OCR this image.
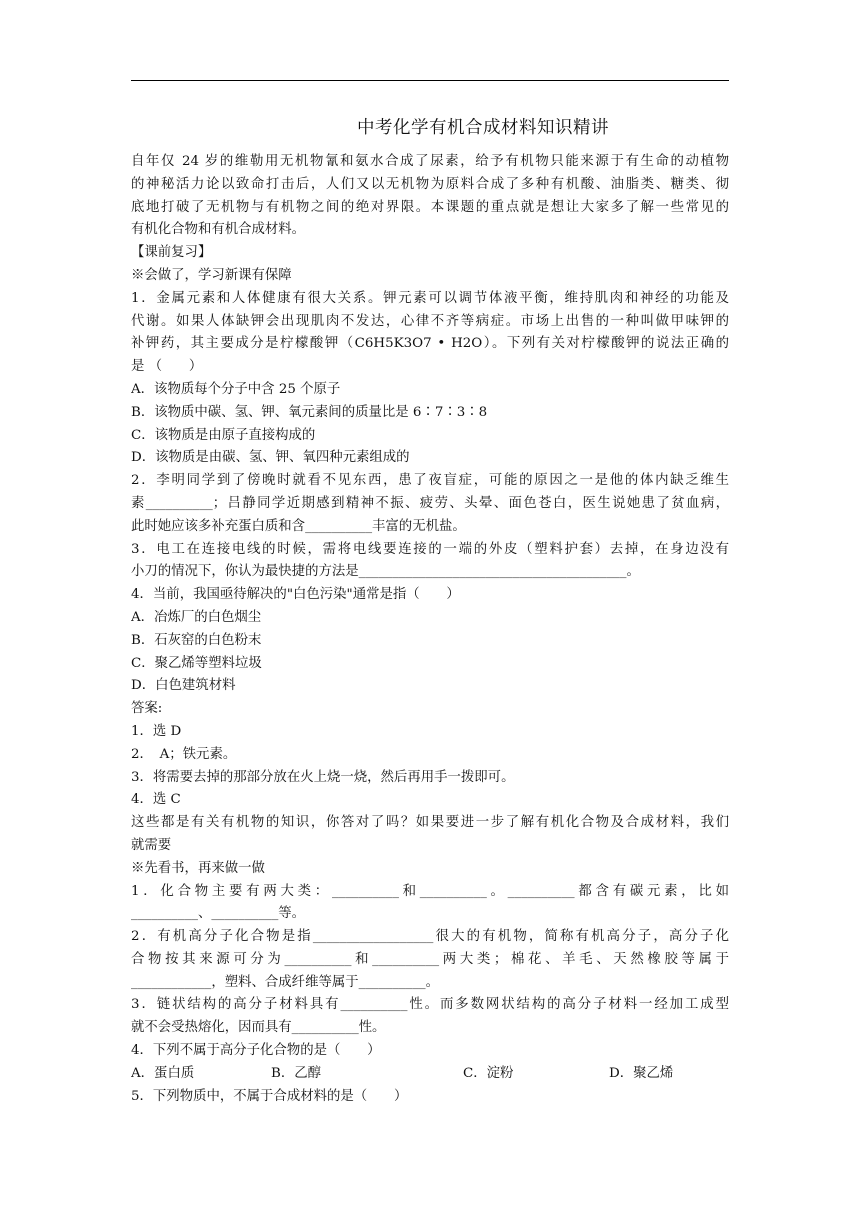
中考化学有机合成材料知识精讲
自年仅 24 岁的维勒用无机物氰和氨水合成了尿素，给予有机物只能来源于有生命的动植物
的神秘活力论以致命打击后，人们又以无机物为原料合成了多种有机酸、油脂类、糖类、彻
底地打破了无机物与有机物之间的绝对界限。本课题的重点就是想让大家多了解一些常见的
有机化合物和有机合成材料。
【课前复习】
※会做了，学习新课有保障
1．金属元素和人体健康有很大关系。钾元素可以调节体液平衡，维持肌肉和神经的功能及
代谢。如果人体缺钾会出现肌肉不发达，心律不齐等病症。市场上出售的一种叫做甲味钾的
补钾药，其主要成分是柠檬酸钾（C6H5K3O7 • H2O）。下列有关对柠檬酸钾的说法正确的
是 （　　）
A．该物质每个分子中含 25 个原子
B．该物质中碳、氢、钾、氧元素间的质量比是 6∶7∶3∶8
C．该物质是由原子直接构成的
D．该物质是由碳、氢、钾、氧四种元素组成的
2．李明同学到了傍晚时就看不见东西，患了夜盲症，可能的原因之一是他的体内缺乏维生
素__________；吕静同学近期感到精神不振、疲劳、头晕、面色苍白，医生说她患了贫血病，
此时她应该多补充蛋白质和含__________丰富的无机盐。
3．电工在连接电线的时候，需将电线要连接的一端的外皮（塑料护套）去掉，在身边没有
小刀的情况下，你认为最快捷的方法是________________________________________。
4．当前，我国亟待解决的"白色污染"通常是指（　　）
A．冶炼厂的白色烟尘
B．石灰窑的白色粉末
C．聚乙烯等塑料垃圾
D．白色建筑材料
答案:
1．选 D
2．　A；铁元素。
3．将需要去掉的那部分放在火上烧一烧，然后再用手一拨即可。
4．选 C
这些都是有关有机物的知识，你答对了吗？如果要进一步了解有机化合物及合成材料，我们
就需要
※先看书，再来做一做
1．化合物主要有两大类：__________和__________。__________都含有碳元素，比如
__________、__________等。
2．有机高分子化合物是指__________________很大的有机物，简称有机高分子，高分子化
合物按其来源可分为__________和__________两大类；棉花、羊毛、天然橡胶等属于
____________，塑料、合成纤维等属于__________。
3．链状结构的高分子材料具有__________性。而多数网状结构的高分子材料一经加工成型
就不会受热熔化，因而具有__________性。
4．下列不属于高分子化合物的是（　　）
A．蛋白质	B．乙醇	C．淀粉	D．聚乙烯
5．下列物质中，不属于合成材料的是（　　）
